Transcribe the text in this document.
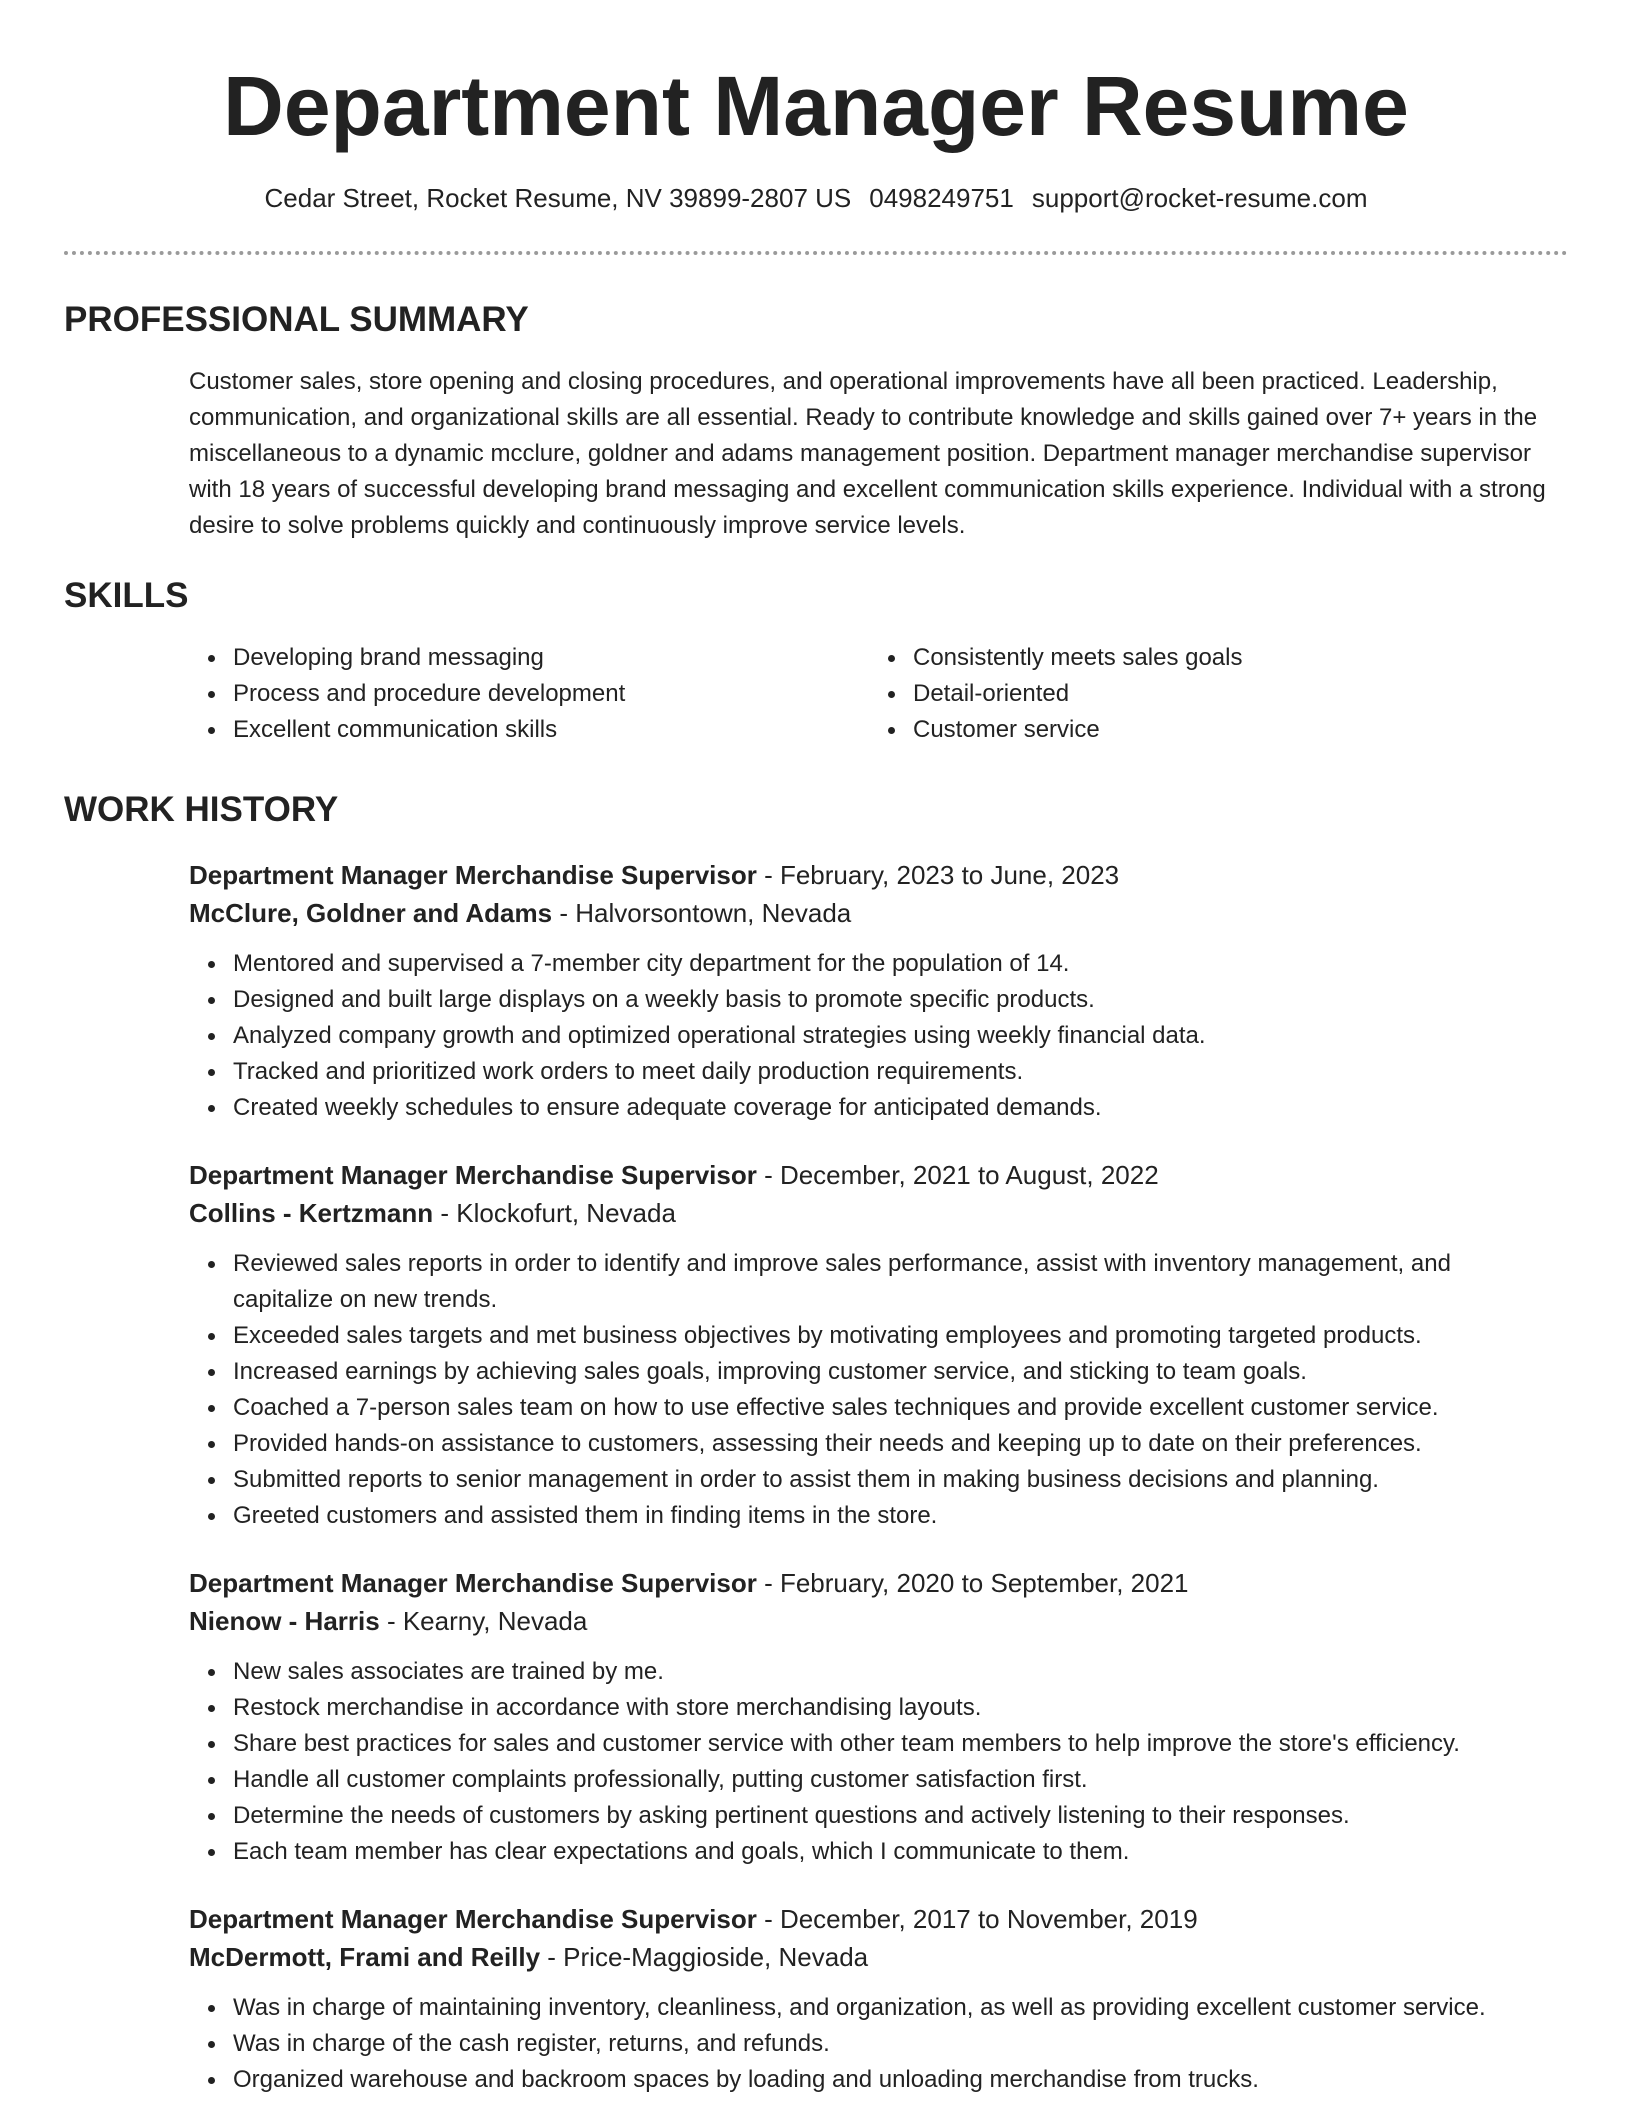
Department Manager Resume
Cedar Street, Rocket Resume, NV 39899-2807 US 0498249751 support@rocket-resume.com
PROFESSIONAL SUMMARY

Customer sales, store opening and closing procedures, and operational improvements have all been practiced. Leadership, communication, and organizational skills are all essential. Ready to contribute knowledge and skills gained over 7+ years in the miscellaneous to a dynamic mcclure, goldner and adams management position. Department manager merchandise supervisor with 18 years of successful developing brand messaging and excellent communication skills experience. Individual with a strong desire to solve problems quickly and continuously improve service levels.

SKILLS
Developing brand messaging
Process and procedure development
Excellent communication skills
Consistently meets sales goals
Detail-oriented
Customer service
WORK HISTORY
Department Manager Merchandise Supervisor - February, 2023 to June, 2023
McClure, Goldner and Adams - Halvorsontown, Nevada
Mentored and supervised a 7-member city department for the population of 14.
Designed and built large displays on a weekly basis to promote specific products.
Analyzed company growth and optimized operational strategies using weekly financial data.
Tracked and prioritized work orders to meet daily production requirements.
Created weekly schedules to ensure adequate coverage for anticipated demands.
Department Manager Merchandise Supervisor - December, 2021 to August, 2022
Collins - Kertzmann - Klockofurt, Nevada
Reviewed sales reports in order to identify and improve sales performance, assist with inventory management, and capitalize on new trends.
Exceeded sales targets and met business objectives by motivating employees and promoting targeted products.
Increased earnings by achieving sales goals, improving customer service, and sticking to team goals.
Coached a 7-person sales team on how to use effective sales techniques and provide excellent customer service.
Provided hands-on assistance to customers, assessing their needs and keeping up to date on their preferences.
Submitted reports to senior management in order to assist them in making business decisions and planning.
Greeted customers and assisted them in finding items in the store.
Department Manager Merchandise Supervisor - February, 2020 to September, 2021
Nienow - Harris - Kearny, Nevada
New sales associates are trained by me.
Restock merchandise in accordance with store merchandising layouts.
Share best practices for sales and customer service with other team members to help improve the store's efficiency.
Handle all customer complaints professionally, putting customer satisfaction first.
Determine the needs of customers by asking pertinent questions and actively listening to their responses.
Each team member has clear expectations and goals, which I communicate to them.
Department Manager Merchandise Supervisor - December, 2017 to November, 2019
McDermott, Frami and Reilly - Price-Maggioside, Nevada
Was in charge of maintaining inventory, cleanliness, and organization, as well as providing excellent customer service.
Was in charge of the cash register, returns, and refunds.
Organized warehouse and backroom spaces by loading and unloading merchandise from trucks.
